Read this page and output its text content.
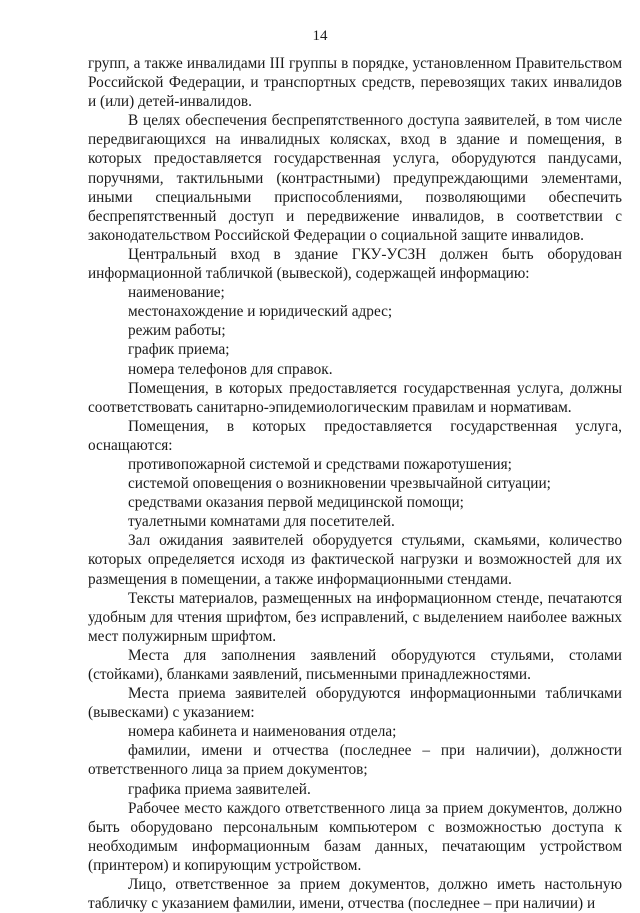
14

групп, а также инвалидами III группы в порядке, установленном Правительством Российской Федерации, и транспортных средств, перевозящих таких инвалидов и (или) детей-инвалидов.

В целях обеспечения беспрепятственного доступа заявителей, в том числе передвигающихся на инвалидных колясках, вход в здание и помещения, в которых предоставляется государственная услуга, оборудуются пандусами, поручнями, тактильными (контрастными) предупреждающими элементами, иными специальными приспособлениями, позволяющими обеспечить беспрепятственный доступ и передвижение инвалидов, в соответствии с законодательством Российской Федерации о социальной защите инвалидов.

Центральный вход в здание ГКУ-УСЗН должен быть оборудован информационной табличкой (вывеской), содержащей информацию:

наименование;

местонахождение и юридический адрес;

режим работы;

график приема;

номера телефонов для справок.

Помещения, в которых предоставляется государственная услуга, должны соответствовать санитарно-эпидемиологическим правилам и нормативам.

Помещения, в которых предоставляется государственная услуга, оснащаются:

противопожарной системой и средствами пожаротушения;

системой оповещения о возникновении чрезвычайной ситуации;

средствами оказания первой медицинской помощи;

туалетными комнатами для посетителей.

Зал ожидания заявителей оборудуется стульями, скамьями, количество которых определяется исходя из фактической нагрузки и возможностей для их размещения в помещении, а также информационными стендами.

Тексты материалов, размещенных на информационном стенде, печатаются удобным для чтения шрифтом, без исправлений, с выделением наиболее важных мест полужирным шрифтом.

Места для заполнения заявлений оборудуются стульями, столами (стойками), бланками заявлений, письменными принадлежностями.

Места приема заявителей оборудуются информационными табличками (вывесками) с указанием:

номера кабинета и наименования отдела;

фамилии, имени и отчества (последнее – при наличии), должности ответственного лица за прием документов;

графика приема заявителей.

Рабочее место каждого ответственного лица за прием документов, должно быть оборудовано персональным компьютером с возможностью доступа к необходимым информационным базам данных, печатающим устройством (принтером) и копирующим устройством.

Лицо, ответственное за прием документов, должно иметь настольную табличку с указанием фамилии, имени, отчества (последнее – при наличии) и
